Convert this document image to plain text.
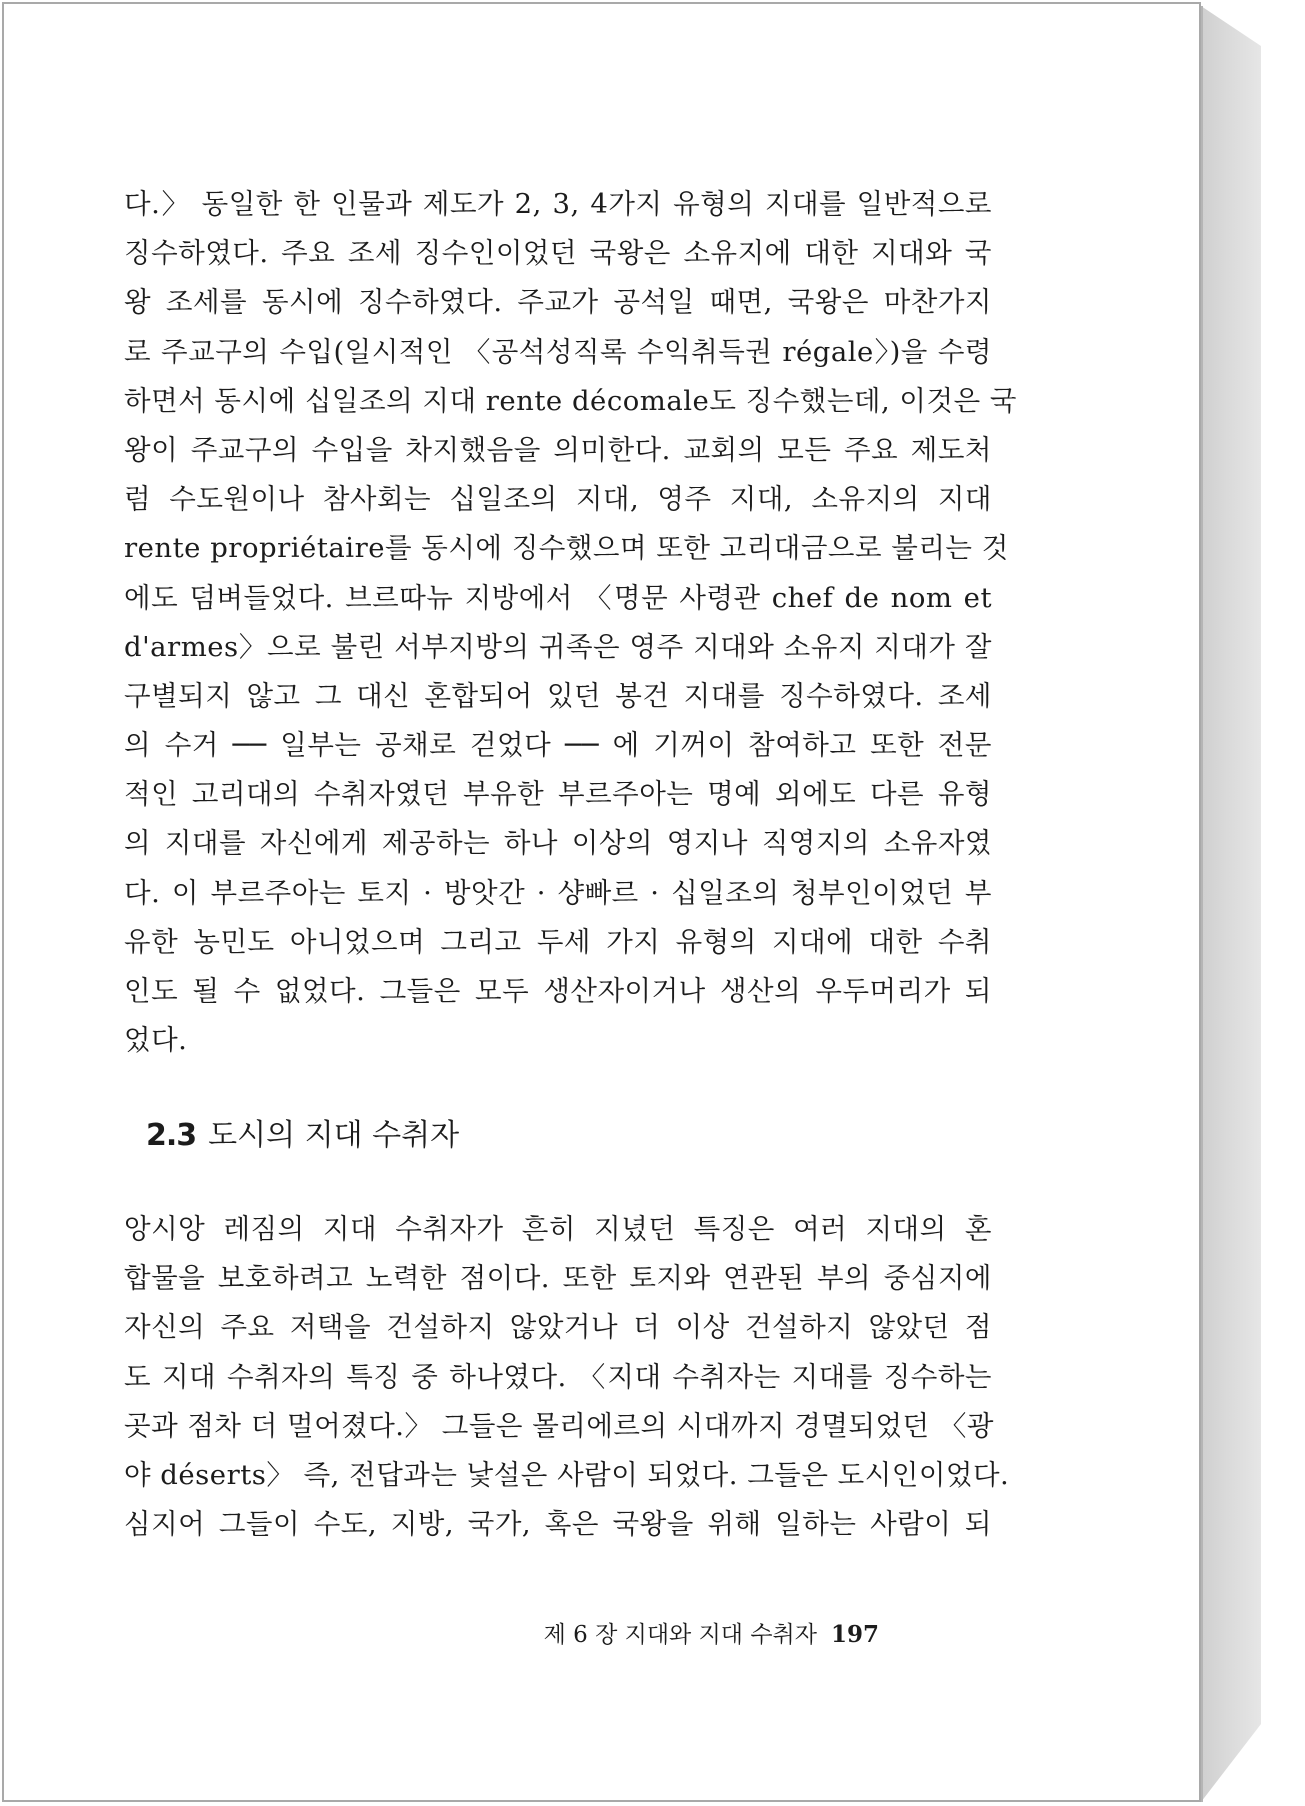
다.〉 동일한 한 인물과 제도가 2, 3, 4가지 유형의 지대를 일반적으로
징수하였다. 주요 조세 징수인이었던 국왕은 소유지에 대한 지대와 국
왕 조세를 동시에 징수하였다. 주교가 공석일 때면, 국왕은 마찬가지
로 주교구의 수입(일시적인 〈공석성직록 수익취득권 régale〉)을 수령
하면서 동시에 십일조의 지대 rente décomale도 징수했는데, 이것은 국
왕이 주교구의 수입을 차지했음을 의미한다. 교회의 모든 주요 제도처
럼 수도원이나 참사회는 십일조의 지대, 영주 지대, 소유지의 지대
rente propriétaire를 동시에 징수했으며 또한 고리대금으로 불리는 것
에도 덤벼들었다. 브르따뉴 지방에서 〈명문 사령관 chef de nom et
d'armes〉으로 불린 서부지방의 귀족은 영주 지대와 소유지 지대가 잘
구별되지 않고 그 대신 혼합되어 있던 봉건 지대를 징수하였다. 조세
의 수거 ── 일부는 공채로 걷었다 ── 에 기꺼이 참여하고 또한 전문
적인 고리대의 수취자였던 부유한 부르주아는 명예 외에도 다른 유형
의 지대를 자신에게 제공하는 하나 이상의 영지나 직영지의 소유자였
다. 이 부르주아는 토지 · 방앗간 · 샹빠르 · 십일조의 청부인이었던 부
유한 농민도 아니었으며 그리고 두세 가지 유형의 지대에 대한 수취
인도 될 수 없었다. 그들은 모두 생산자이거나 생산의 우두머리가 되
었다.
2.3 도시의 지대 수취자
앙시앙 레짐의 지대 수취자가 흔히 지녔던 특징은 여러 지대의 혼
합물을 보호하려고 노력한 점이다. 또한 토지와 연관된 부의 중심지에
자신의 주요 저택을 건설하지 않았거나 더 이상 건설하지 않았던 점
도 지대 수취자의 특징 중 하나였다. 〈지대 수취자는 지대를 징수하는
곳과 점차 더 멀어졌다.〉 그들은 몰리에르의 시대까지 경멸되었던 〈광
야 déserts〉 즉, 전답과는 낯설은 사람이 되었다. 그들은 도시인이었다.
심지어 그들이 수도, 지방, 국가, 혹은 국왕을 위해 일하는 사람이 되
제 6 장 지대와 지대 수취자 197
